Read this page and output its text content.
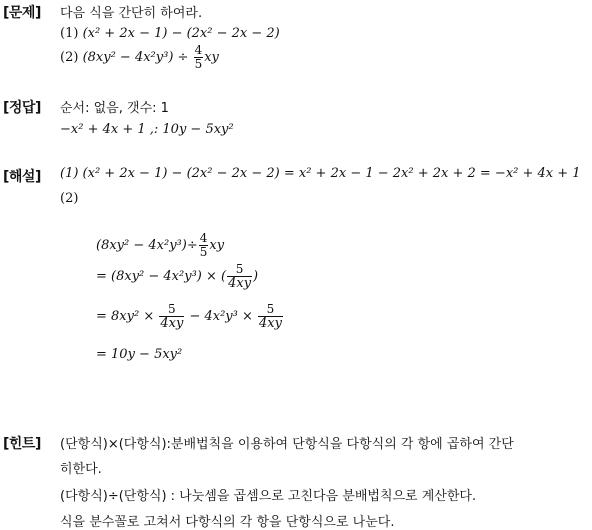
[문제] 다음 식을 간단히 하여라.
(1) (x² + 2x − 1) − (2x² − 2x − 2)
(2) $(8xy^2 - 4x^2y^3) \div \frac{4}{5}$ xy
[정답] 순서: 없음, 갯수: 1
−x² + 4x + 1 ,: 10y − 5xy²
[해설] (1) (x² + 2x − 1) − (2x² − 2x − 2) = x² + 2x − 1 − 2x² + 2x + 2 = −x² + 4x + 1
(2)
$(8xy^2 - 4x^2y^3)\div \frac{4}{5}$ xy
= (8xy² − 4x²y³) × ( $\frac{5}{4xy}$ )
= $8xy^2 \times \frac{5}{4xy} - 4x^2y^3 \times \frac{5}{4xy}$
= 10y − 5xy²
[힌트] (단항식)×(다항식):분배법칙을 이용하여 단항식을 다항식의 각 항에 곱하여 간단
히한다.
(다항식)÷(단항식) : 나눗셈을 곱셈으로 고친다음 분배법칙으로 계산한다.
식을 분수꼴로 고쳐서 다항식의 각 항을 단항식으로 나눈다.
